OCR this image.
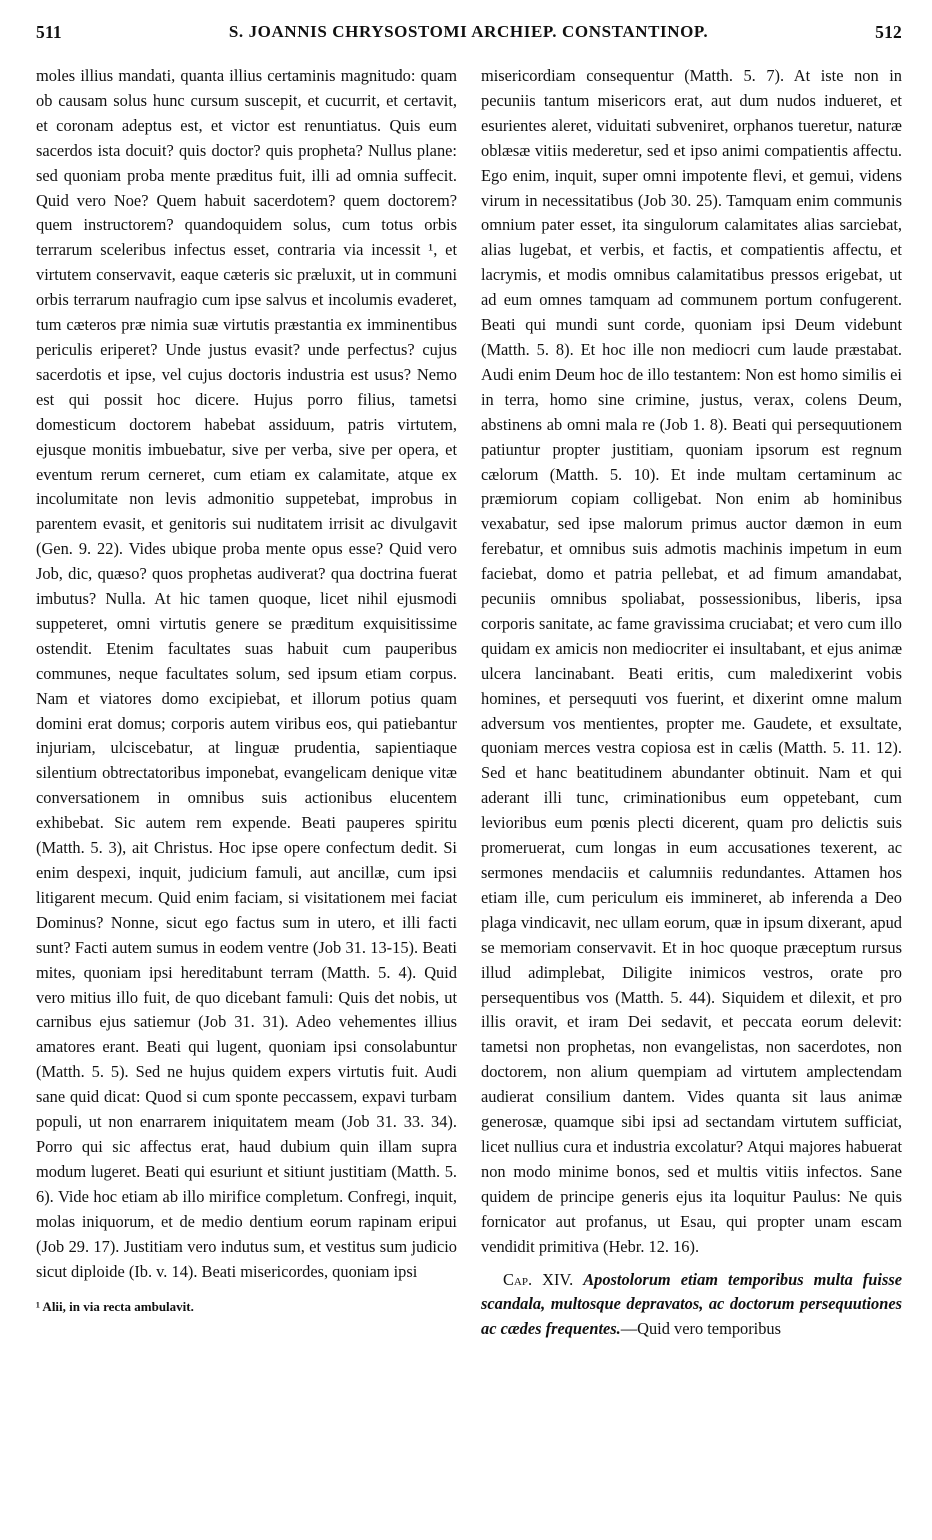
511	S. JOANNIS CHRYSOSTOMI ARCHIEP. CONSTANTINOP.	512

moles illius mandati, quanta illius certaminis magnitudo: quam ob causam solus hunc cursum suscepit, et cucurrit, et certavit, et coronam adeptus est, et victor est renuntiatus. Quis eum sacerdos ista docuit? quis doctor? quis propheta? Nullus plane: sed quoniam proba mente præditus fuit, illi ad omnia suffecit. Quid vero Noe? Quem habuit sacerdotem? quem doctorem? quem instructorem? quandoquidem solus, cum totus orbis terrarum sceleribus infectus esset, contraria via incessit ¹, et virtutem conservavit, eaque cæteris sic præluxit, ut in communi orbis terrarum naufragio cum ipse salvus et incolumis evaderet, tum cæteros præ nimia suæ virtutis præstantia ex imminentibus periculis eriperet? Unde justus evasit? unde perfectus? cujus sacerdotis et ipse, vel cujus doctoris industria est usus? Nemo est qui possit hoc dicere. Hujus porro filius, tametsi domesticum doctorem habebat assiduum, patris virtutem, ejusque monitis imbuebatur, sive per verba, sive per opera, et eventum rerum cerneret, cum etiam ex calamitate, atque ex incolumitate non levis admonitio suppetebat, improbus in parentem evasit, et genitoris sui nuditatem irrisit ac divulgavit (Gen. 9. 22). Vides ubique proba mente opus esse? Quid vero Job, dic, quæso? quos prophetas audiverat? qua doctrina fuerat imbutus? Nulla. At hic tamen quoque, licet nihil ejusmodi suppeteret, omni virtutis genere se præditum exquisitissime ostendit. Etenim facultates suas habuit cum pauperibus communes, neque facultates solum, sed ipsum etiam corpus. Nam et viatores domo excipiebat, et illorum potius quam domini erat domus; corporis autem viribus eos, qui patiebantur injuriam, ulciscebatur, at linguæ prudentia, sapientiaque silentium obtrectatoribus imponebat, evangelicam denique vitæ conversationem in omnibus suis actionibus elucentem exhibebat. Sic autem rem expende. Beati pauperes spiritu (Matth. 5. 3), ait Christus. Hoc ipse opere confectum dedit. Si enim despexi, inquit, judicium famuli, aut ancillæ, cum ipsi litigarent mecum. Quid enim faciam, si visitationem mei faciat Dominus? Nonne, sicut ego factus sum in utero, et illi facti sunt? Facti autem sumus in eodem ventre (Job 31. 13-15). Beati mites, quoniam ipsi hereditabunt terram (Matth. 5. 4). Quid vero mitius illo fuit, de quo dicebant famuli: Quis det nobis, ut carnibus ejus satiemur (Job 31. 31). Adeo vehementes illius amatores erant. Beati qui lugent, quoniam ipsi consolabuntur (Matth. 5. 5). Sed ne hujus quidem expers virtutis fuit. Audi sane quid dicat: Quod si cum sponte peccassem, expavi turbam populi, ut non enarrarem iniquitatem meam (Job 31. 33. 34). Porro qui sic affectus erat, haud dubium quin illam supra modum lugeret. Beati qui esuriunt et sitiunt justitiam (Matth. 5. 6). Vide hoc etiam ab illo mirifice completum. Confregi, inquit, molas iniquorum, et de medio dentium eorum rapinam eripui (Job 29. 17). Justitiam vero indutus sum, et vestitus sum judicio sicut diploide (Ib. v. 14). Beati misericordes, quoniam ipsi

¹ Alii, in via recta ambulavit.

misericordiam consequentur (Matth. 5. 7). At iste non in pecuniis tantum misericors erat, aut dum nudos indueret, et esurientes aleret, viduitati subveniret, orphanos tueretur, naturæ oblæsæ vitiis mederetur, sed et ipso animi compatientis affectu. Ego enim, inquit, super omni impotente flevi, et gemui, videns virum in necessitatibus (Job 30. 25). Tamquam enim communis omnium pater esset, ita singulorum calamitates alias sarciebat, alias lugebat, et verbis, et factis, et compatientis affectu, et lacrymis, et modis omnibus calamitatibus pressos erigebat, ut ad eum omnes tamquam ad communem portum confugerent. Beati qui mundi sunt corde, quoniam ipsi Deum videbunt (Matth. 5. 8). Et hoc ille non mediocri cum laude præstabat. Audi enim Deum hoc de illo testantem: Non est homo similis ei in terra, homo sine crimine, justus, verax, colens Deum, abstinens ab omni mala re (Job 1. 8). Beati qui persequutionem patiuntur propter justitiam, quoniam ipsorum est regnum cælorum (Matth. 5. 10). Et inde multam certaminum ac præmiorum copiam colligebat. Non enim ab hominibus vexabatur, sed ipse malorum primus auctor dæmon in eum ferebatur, et omnibus suis admotis machinis impetum in eum faciebat, domo et patria pellebat, et ad fimum amandabat, pecuniis omnibus spoliabat, possessionibus, liberis, ipsa corporis sanitate, ac fame gravissima cruciabat; et vero cum illo quidam ex amicis non mediocriter ei insultabant, et ejus animæ ulcera lancinabant. Beati eritis, cum maledixerint vobis homines, et persequuti vos fuerint, et dixerint omne malum adversum vos mentientes, propter me. Gaudete, et exsultate, quoniam merces vestra copiosa est in cælis (Matth. 5. 11. 12). Sed et hanc beatitudinem abundanter obtinuit. Nam et qui aderant illi tunc, criminationibus eum oppetebant, cum levioribus eum pœnis plecti dicerent, quam pro delictis suis promeruerat, cum longas in eum accusationes texerent, ac sermones mendaciis et calumniis redundantes. Attamen hos etiam ille, cum periculum eis immineret, ab inferenda a Deo plaga vindicavit, nec ullam eorum, quæ in ipsum dixerant, apud se memoriam conservavit. Et in hoc quoque præceptum rursus illud adimplebat, Diligite inimicos vestros, orate pro persequentibus vos (Matth. 5. 44). Siquidem et dilexit, et pro illis oravit, et iram Dei sedavit, et peccata eorum delevit: tametsi non prophetas, non evangelistas, non sacerdotes, non doctorem, non alium quempiam ad virtutem amplectendam audierat consilium dantem. Vides quanta sit laus animæ generosæ, quamque sibi ipsi ad sectandam virtutem sufficiat, licet nullius cura et industria excolatur? Atqui majores habuerat non modo minime bonos, sed et multis vitiis infectos. Sane quidem de principe generis ejus ita loquitur Paulus: Ne quis fornicator aut profanus, ut Esau, qui propter unam escam vendidit primitiva (Hebr. 12. 16).

Cap. XIV. Apostolorum etiam temporibus multa fuisse scandala, multosque depravatos, ac doctorum persequutiones ac cædes frequentes.—Quid vero temporibus
